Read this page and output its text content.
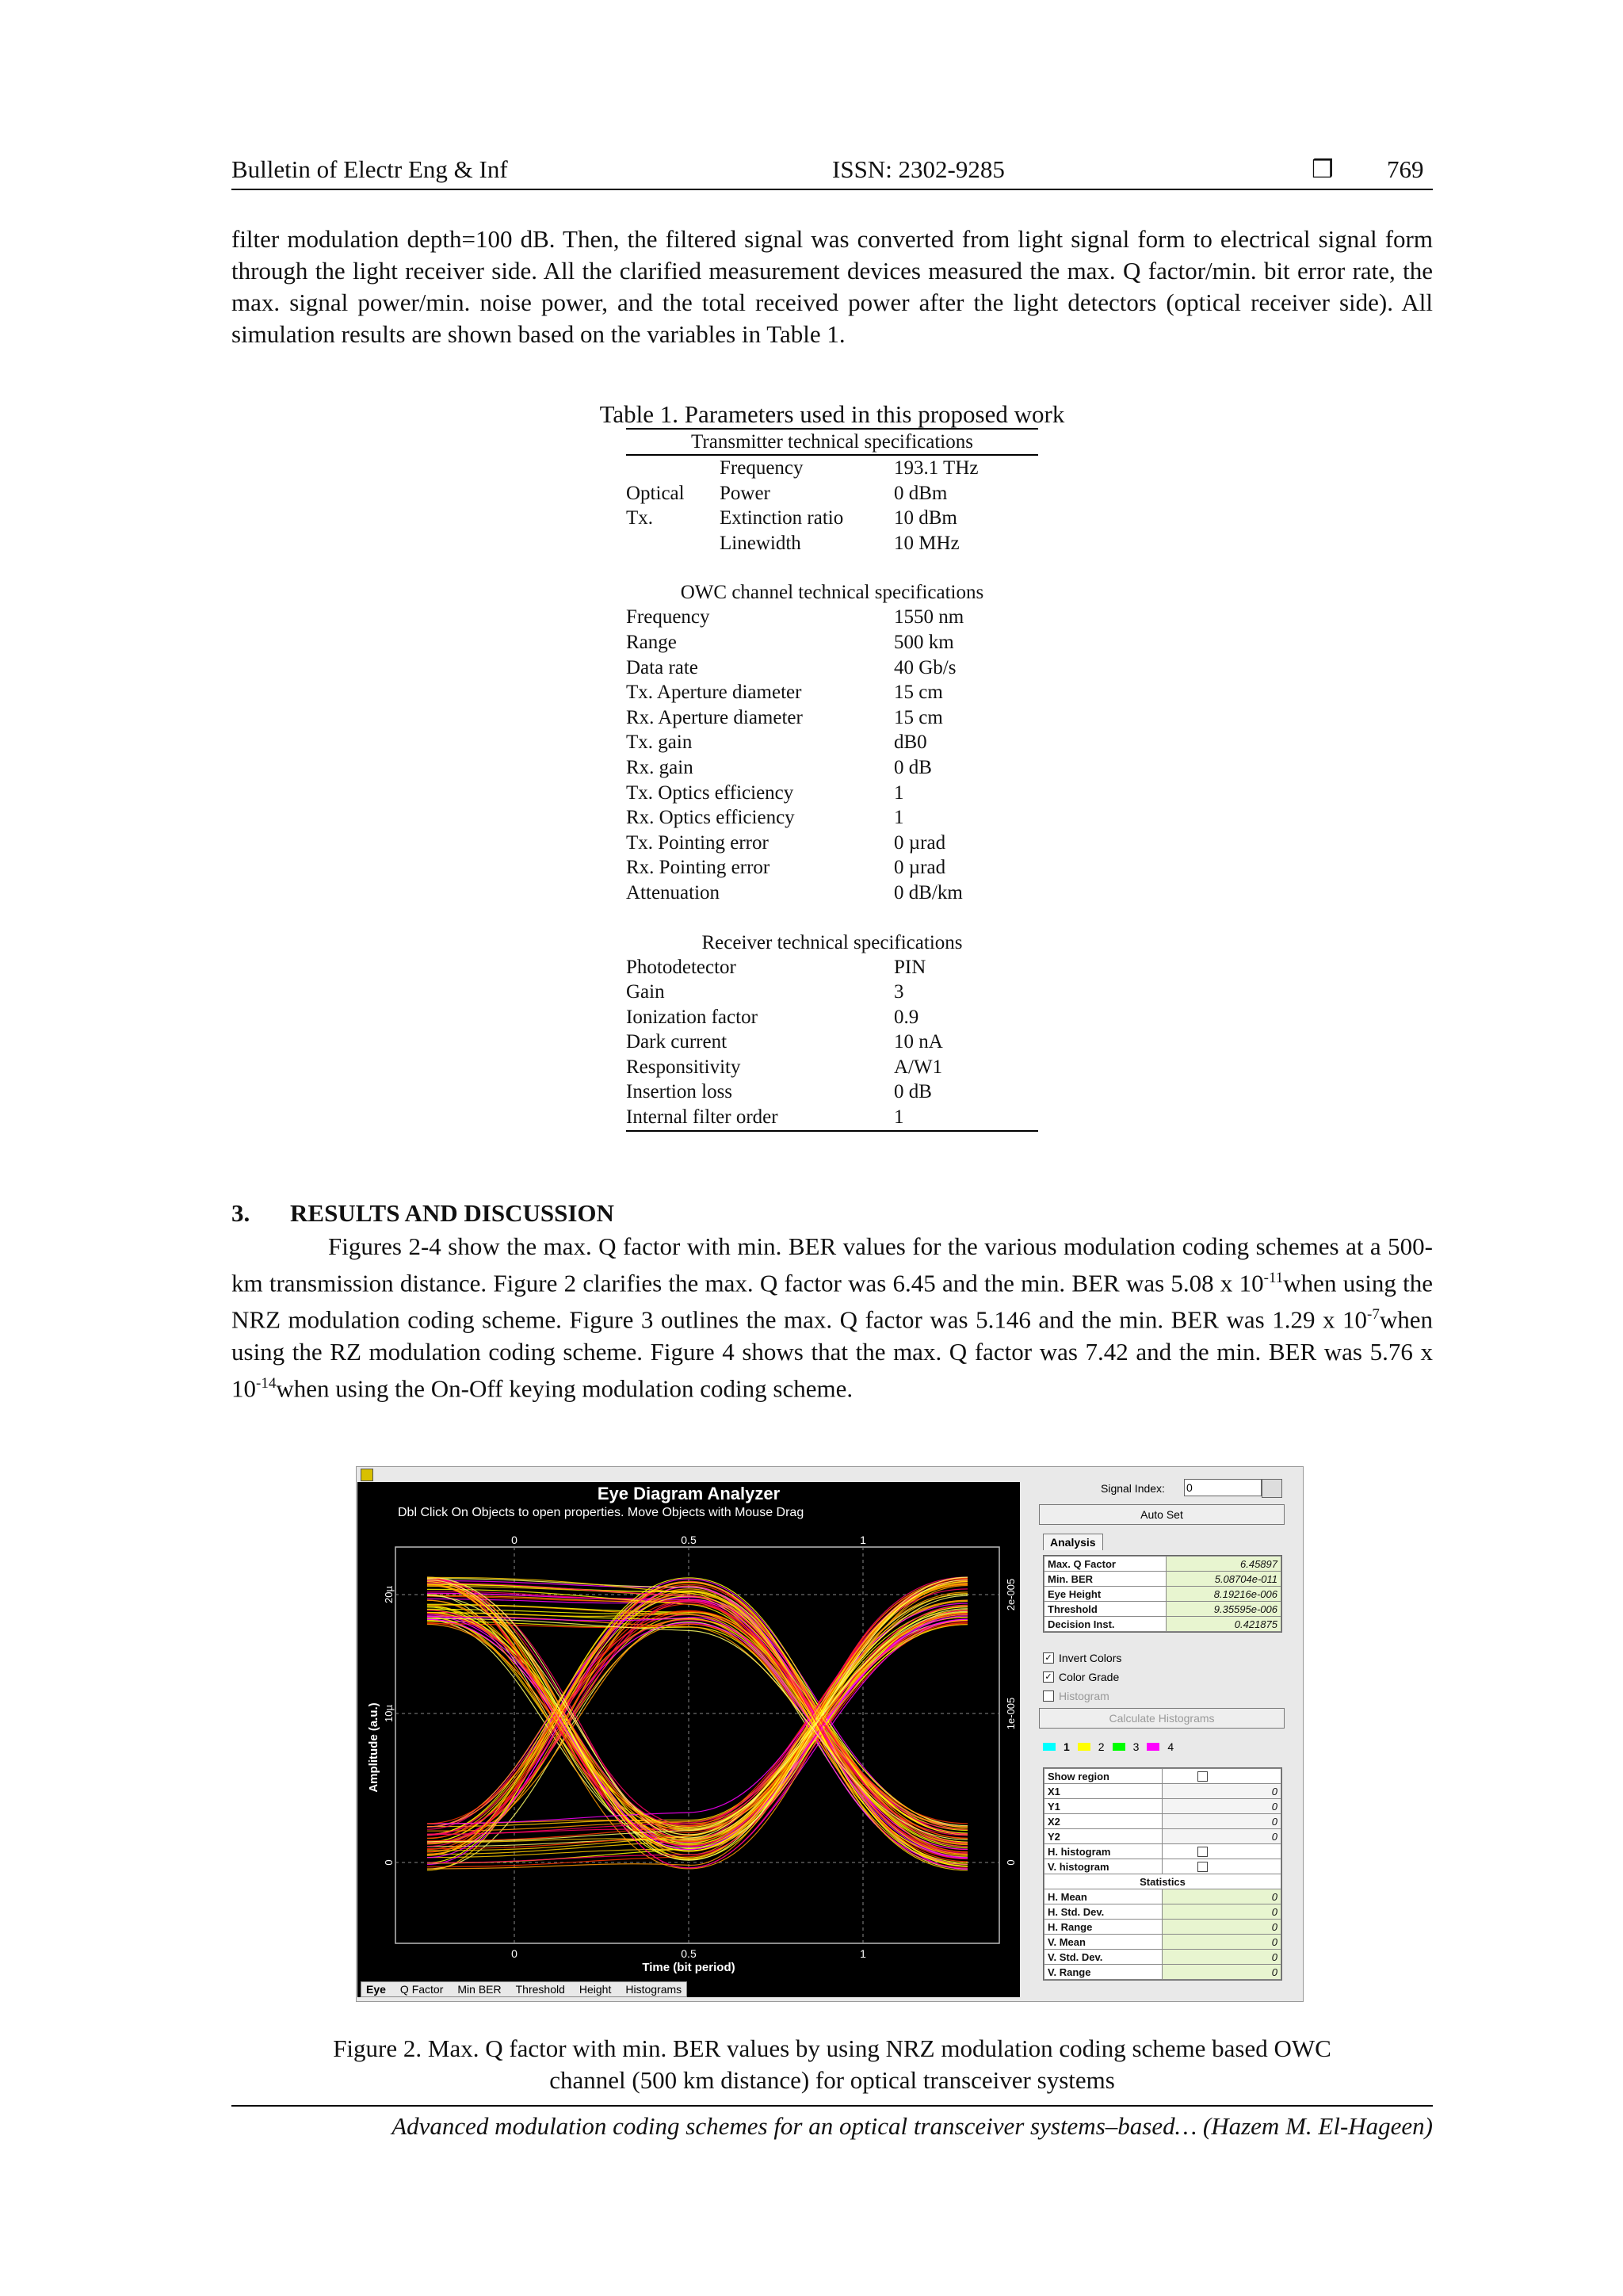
Bulletin of Electr Eng & Inf	ISSN: 2302-9285	❒ 769

filter modulation depth=100 dB. Then, the filtered signal was converted from light signal form to electrical signal form through the light receiver side. All the clarified measurement devices measured the max. Q factor/min. bit error rate, the max. signal power/min. noise power, and the total received power after the light detectors (optical receiver side). All simulation results are shown based on the variables in Table 1.

Table 1. Parameters used in this proposed work
Transmitter technical specifications
	Frequency	193.1 THz
Optical	Power	0 dBm
Tx.	Extinction ratio	10 dBm
	Linewidth	10 MHz
OWC channel technical specifications
Frequency	1550 nm
Range	500 km
Data rate	40 Gb/s
Tx. Aperture diameter	15 cm
Rx. Aperture diameter	15 cm
Tx. gain	dB0
Rx. gain	0 dB
Tx. Optics efficiency	1
Rx. Optics efficiency	1
Tx. Pointing error	0 µrad
Rx. Pointing error	0 µrad
Attenuation	0 dB/km
Receiver technical specifications
Photodetector	PIN
Gain	3
Ionization factor	0.9
Dark current	10 nA
Responsitivity	A/W1
Insertion loss	0 dB
Internal filter order	1
3. RESULTS AND DISCUSSION

Figures 2-4 show the max. Q factor with min. BER values for the various modulation coding schemes at a 500-km transmission distance. Figure 2 clarifies the max. Q factor was 6.45 and the min. BER was 5.08 x $10^{-11}when$ using the NRZ modulation coding scheme. Figure 3 outlines the max. Q factor was 5.146 and the min. BER was 1.29 x $10^{-7}when$ using the RZ modulation coding scheme. Figure 4 shows that the max. Q factor was 7.42 and the min. BER was 5.76 x $10^{-14}when$ using the On-Off keying modulation coding scheme.

Eye Diagram Analyzer
Dbl Click On Objects to open properties. Move Objects with Mouse Drag
0	0.5	1
0	0.5	1
Time (bit period)
Amplitude (a.u.)
20µ
10µ
0
2e-005
1e-005
0
Eye Q Factor Min BER Threshold Height Histograms
Signal Index:
0
Auto Set
Analysis
Max. Q Factor	6.45897
Min. BER	5.08704e-011
Eye Height	8.19216e-006
Threshold	9.35595e-006
Decision Inst.	0.421875
✓ Invert Colors
✓ Color Grade
Histogram
Calculate Histograms
1	2	3	4
Show region	

X1	0
Y1	0
X2	0
Y2	0
H. histogram	

V. histogram	

Statistics	
H. Mean	0
H. Std. Dev.	0
H. Range	0
V. Mean	0
V. Std. Dev.	0
V. Range	0
Figure 2. Max. Q factor with min. BER values by using NRZ modulation coding scheme based OWC
channel (500 km distance) for optical transceiver systems
Advanced modulation coding schemes for an optical transceiver systems–based… (Hazem M. El-Hageen)
